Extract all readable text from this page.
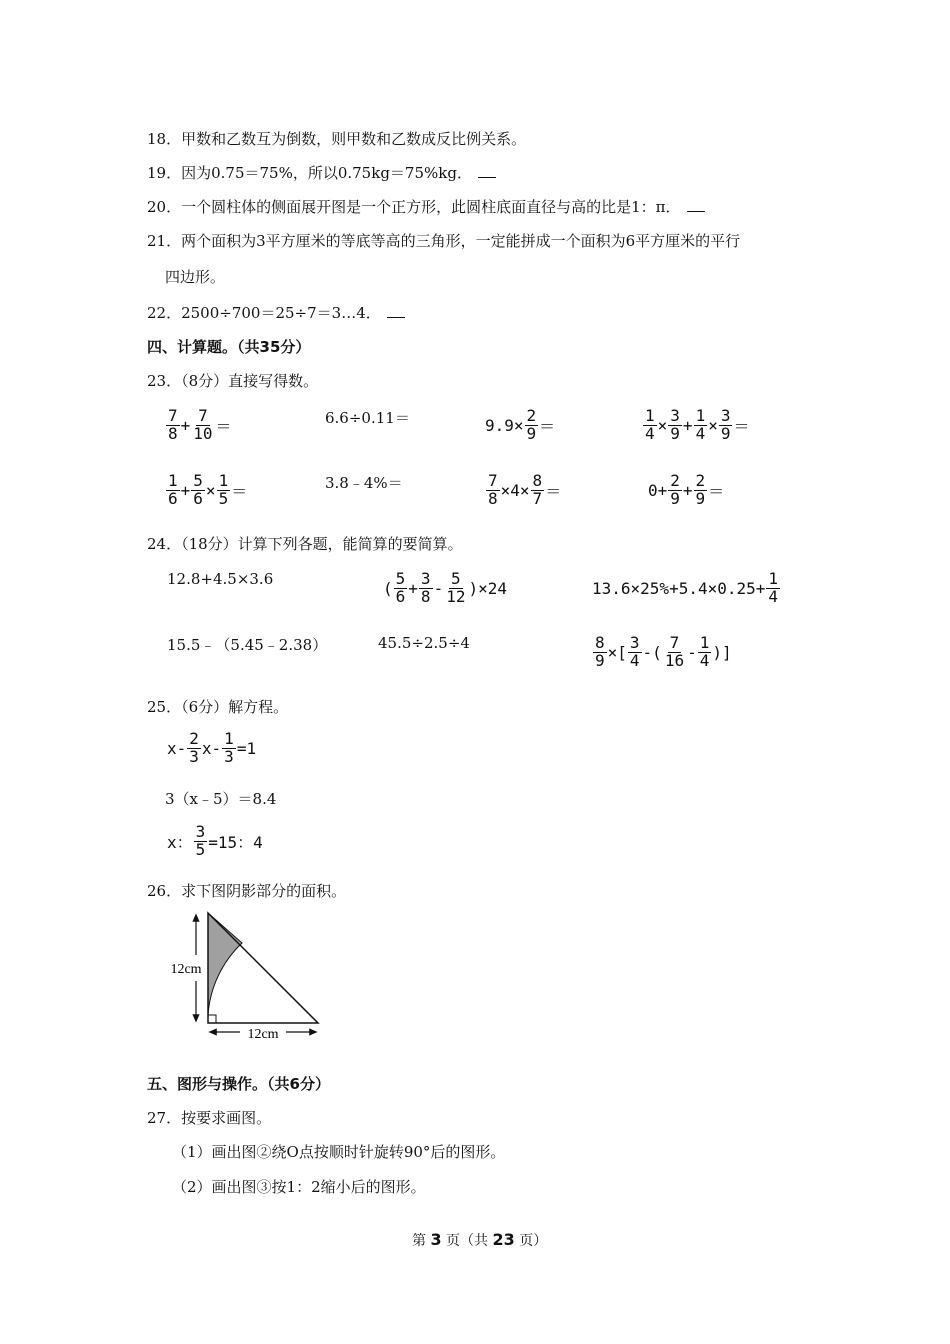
18．甲数和乙数互为倒数，则甲数和乙数成反比例关系。
19．因为0.75＝75%，所以0.75kg＝75%kg．
20．一个圆柱体的侧面展开图是一个正方形，此圆柱底面直径与高的比是1：π．
21．两个面积为3平方厘米的等底等高的三角形，一定能拼成一个面积为6平方厘米的平行
四边形。
22．2500÷700＝25÷7＝3…4．
四、计算题。（共35分）
23．（8分）直接写得数。
$\frac{7}{8} + \frac{7}{10}$ ＝	6.6÷0.11＝	$9.9\times \frac{2}{9}$ ＝	$\frac{1}{4} \times \frac{3}{9} + \frac{1}{4} \times \frac{3}{9}$ ＝
$\frac{1}{6} + \frac{5}{6} \times \frac{1}{5}$ ＝	3.8﹣4%＝	$\frac{7}{8} \times 4\times \frac{8}{7}$ ＝	$0+ \frac{2}{9} + \frac{2}{9}$ ＝
24．（18分）计算下列各题，能简算的要简算。
12.8+4.5×3.6	( $\frac{5}{6} + \frac{3}{8} - \frac{5}{12} )\times 24$	$13.6\times 25\%+5.4\times 0.25+ \frac{1}{4}$
15.5﹣（5.45﹣2.38）	45.5÷2.5÷4	$\frac{8}{9}$ ×[ $\frac{3}{4}$ -( $\frac{7}{16} - \frac{1}{4}$ )]
25．（6分）解方程。
$x- \frac{2}{3} x- \frac{1}{3} =1$
3（x﹣5）＝8.4
x： $\frac{3}{5} =15$：4
26．求下图阴影部分的面积。
12cm
12cm
五、图形与操作。（共6分）
27．按要求画图。
（1）画出图②绕O点按顺时针旋转90°后的图形。
（2）画出图③按1：2缩小后的图形。
第 3 页（共 23 页）
